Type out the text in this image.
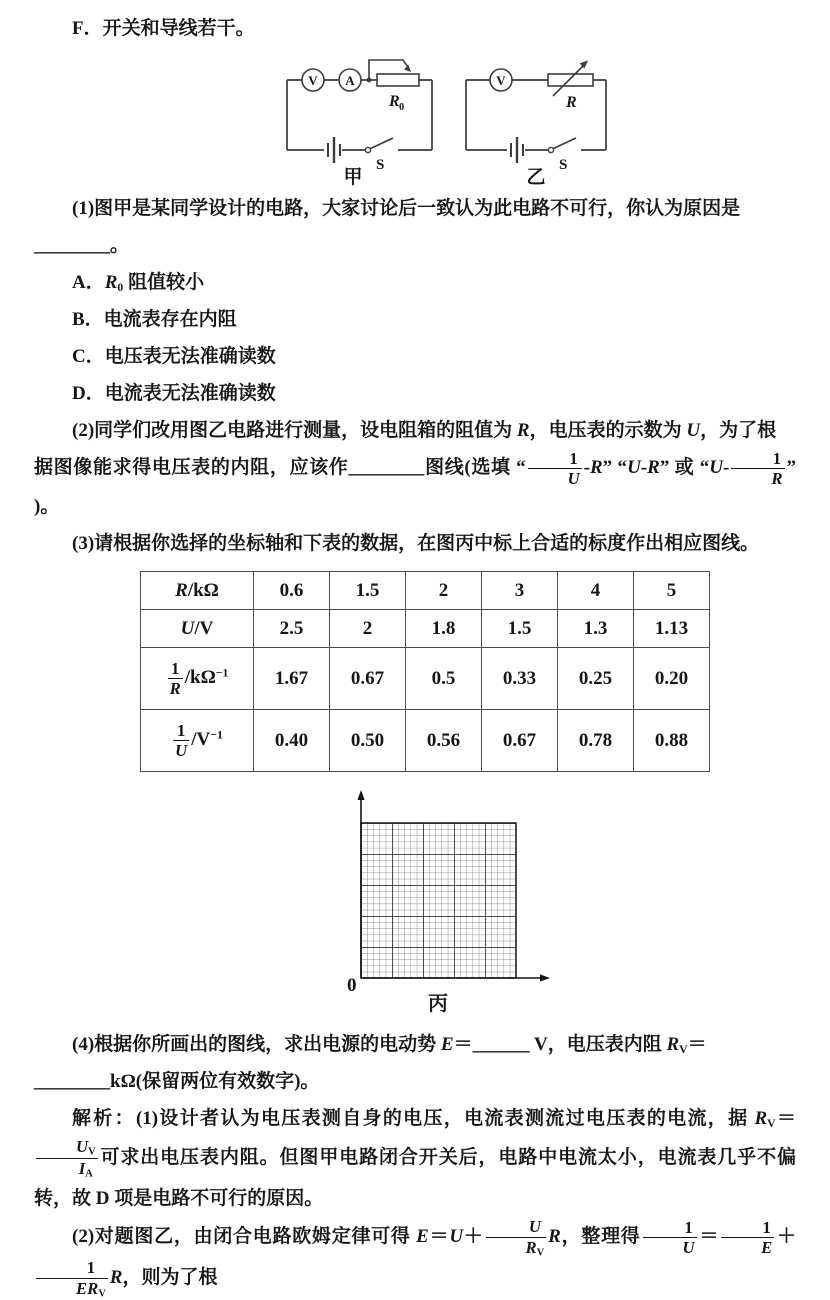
F．开关和导线若干。

V A
R 0
S
甲
V
R
S
乙

(1)图甲是某同学设计的电路，大家讨论后一致认为此电路不可行，你认为原因是
________。

A．$R_0$ 阻值较小

B．电流表存在内阻

C．电压表无法准确读数

D．电流表无法准确读数

(2)同学们改用图乙电路进行测量，设电阻箱的阻值为 R，电压表的示数为 U，为了根
据图像能求得电压表的内阻，应该作________图线(选填 “ $\frac{1}{U} -R$” “U-R” 或 “$U- \frac{1}{R}$ ” )。

(3)请根据你选择的坐标轴和下表的数据，在图丙中标上合适的标度作出相应图线。

R/kΩ	0.6	1.5	2	3	4	5
U/V	2.5	2	1.8	1.5	1.3	1.13

$\frac{1}{R} /k\Omega^{-1}$	1.67	0.67	0.5	0.33	0.25	0.20

$\frac{1}{U} /V^{-1}$	0.40	0.50	0.56	0.67	0.78	0.88
0
丙

(4)根据你所画出的图线，求出电源的电动势 E＝______ V，电压表内阻 $R_V=$
________kΩ(保留两位有效数字)。

解析：(1)设计者认为电压表测自身的电压，电流表测流过电压表的电流，据 $R_V=$
$\frac{U_V}{I_A}$ 可求出电压表内阻。但图甲电路闭合开关后，电路中电流太小，电流表几乎不偏转，故 D 项是电路不可行的原因。

(2)对题图乙，由闭合电路欧姆定律可得 $E=U+ \frac{U}{R_V}$ R，整理得 $\frac{1}{U} = \frac{1}{E}$ ＋
$\frac{1}{ER_V}$ R，则为了根
